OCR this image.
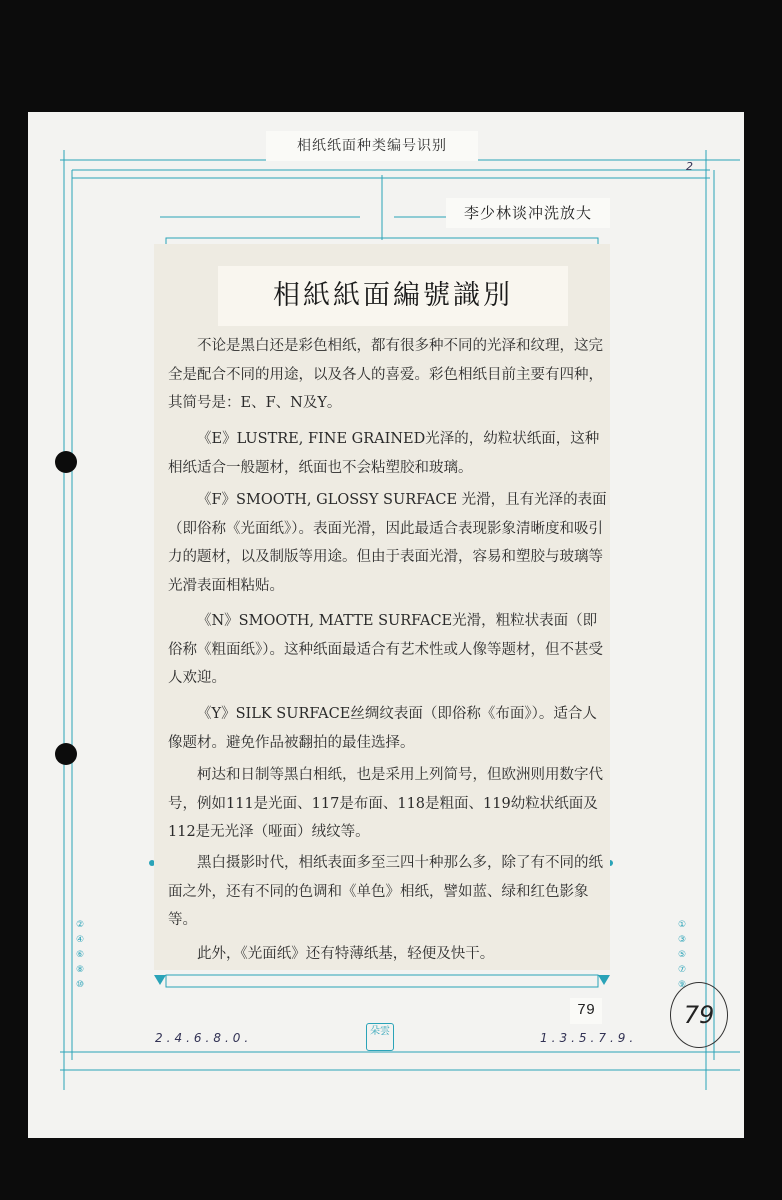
相纸纸面种类编号识别
李少林谈冲洗放大
相紙紙面編號識別

不论是黑白还是彩色相纸，都有很多种不同的光泽和纹理，这完全是配合不同的用途，以及各人的喜爱。彩色相纸目前主要有四种，其简号是：E、F、N及Y。

《E》LUSTRE, FINE GRAINED光泽的，幼粒状纸面，这种相纸适合一般题材，纸面也不会粘塑胶和玻璃。

《F》SMOOTH, GLOSSY SURFACE 光滑，且有光泽的表面（即俗称《光面纸》）。表面光滑，因此最适合表现影象清晰度和吸引力的题材，以及制版等用途。但由于表面光滑，容易和塑胶与玻璃等光滑表面相粘贴。

《N》SMOOTH, MATTE SURFACE光滑，粗粒状表面（即俗称《粗面纸》）。这种纸面最适合有艺术性或人像等题材，但不甚受人欢迎。

《Y》SILK SURFACE丝绸纹表面（即俗称《布面》）。适合人像题材。避免作品被翻拍的最佳选择。

柯达和日制等黑白相纸，也是采用上列简号，但欧洲则用数字代号，例如111是光面、117是布面、118是粗面、119幼粒状纸面及112是无光泽（哑面）绒纹等。

黑白摄影时代，相纸表面多至三四十种那么多，除了有不同的纸面之外，还有不同的色调和《单色》相纸，譬如蓝、绿和红色影象等。

此外，《光面纸》还有特薄纸基，轻便及快干。

②
④
⑥
⑧
⑩
①
③
⑤
⑦
⑨
2
79
2.4.6.8.0.	1.3.5.7.9.
朵雲
79
